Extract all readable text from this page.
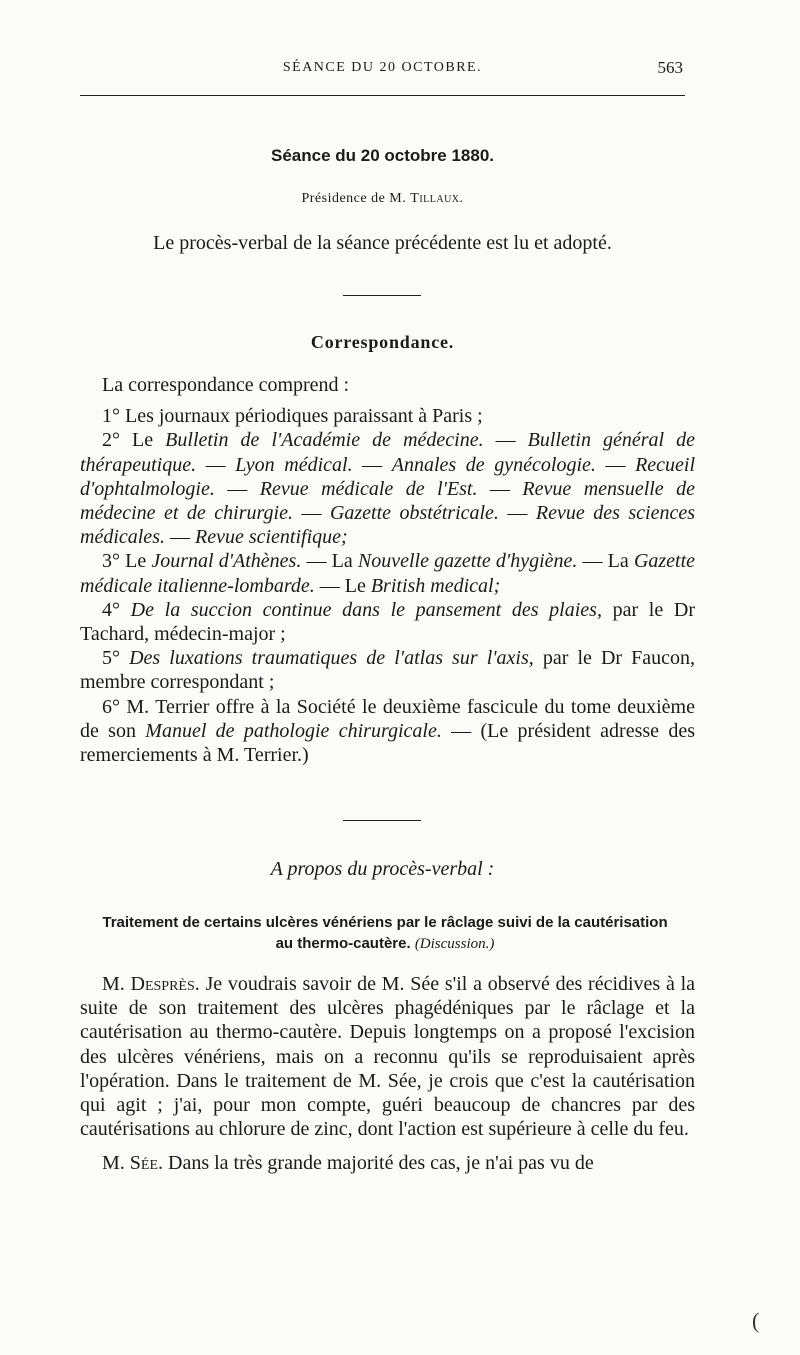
SÉANCE DU 20 OCTOBRE.	563
Séance du 20 octobre 1880.
Présidence de M. Tillaux.
Le procès-verbal de la séance précédente est lu et adopté.
Correspondance.

La correspondance comprend :

1° Les journaux périodiques paraissant à Paris ;

2° Le Bulletin de l'Académie de médecine. — Bulletin général de thérapeutique. — Lyon médical. — Annales de gynécologie. — Recueil d'ophtalmologie. — Revue médicale de l'Est. — Revue mensuelle de médecine et de chirurgie. — Gazette obstétricale. — Revue des sciences médicales. — Revue scientifique;

3° Le Journal d'Athènes. — La Nouvelle gazette d'hygiène. — La Gazette médicale italienne-lombarde. — Le British medical;

4° De la succion continue dans le pansement des plaies, par le Dr Tachard, médecin-major ;

5° Des luxations traumatiques de l'atlas sur l'axis, par le Dr Faucon, membre correspondant ;

6° M. Terrier offre à la Société le deuxième fascicule du tome deuxième de son Manuel de pathologie chirurgicale. — (Le président adresse des remerciements à M. Terrier.)

A propos du procès-verbal :
Traitement de certains ulcères vénériens par le râclage suivi de la cautérisation au thermo-cautère. (Discussion.)

M. Desprès. Je voudrais savoir de M. Sée s'il a observé des récidives à la suite de son traitement des ulcères phagédéniques par le râclage et la cautérisation au thermo-cautère. Depuis longtemps on a proposé l'excision des ulcères vénériens, mais on a reconnu qu'ils se reproduisaient après l'opération. Dans le traitement de M. Sée, je crois que c'est la cautérisation qui agit ; j'ai, pour mon compte, guéri beaucoup de chancres par des cautérisations au chlorure de zinc, dont l'action est supérieure à celle du feu.

M. Sée. Dans la très grande majorité des cas, je n'ai pas vu de

(
